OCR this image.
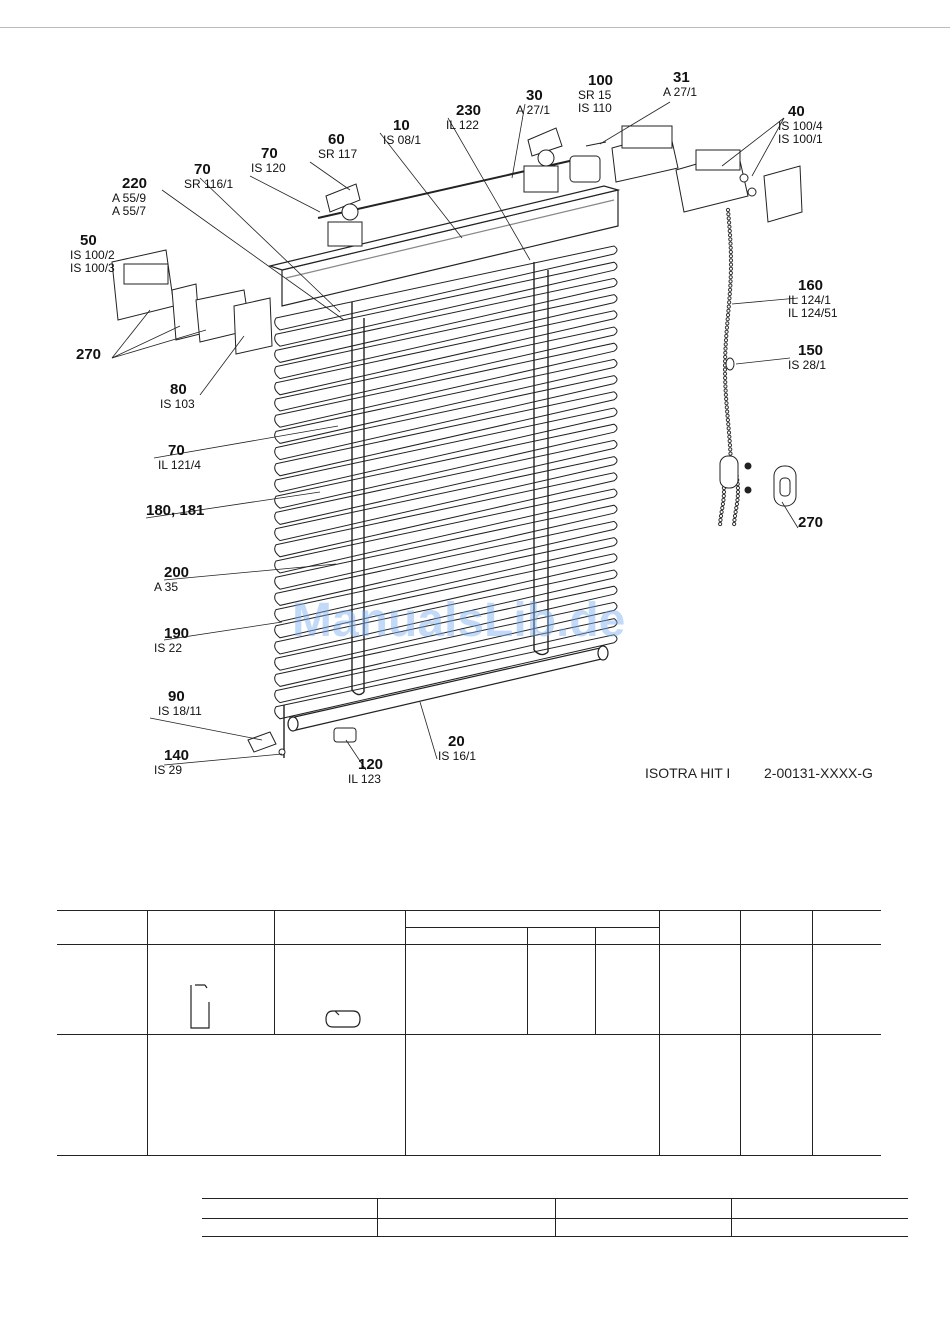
10
IS 08/1
20
IS 16/1
30
A 27/1
31
A 27/1
40
IS 100/4
IS 100/1
50
IS 100/2
IS 100/3
60
SR 117
70
IS 120
70
SR 116/1
70
IL 121/4
80
IS 103
90
IS 18/11
100
SR 15
IS 110
120
IL 123
140
IS 29
150
IS 28/1
160
IL 124/1
IL 124/51
180, 181
190
IS 22
200
A 35
220
A 55/9
A 55/7
230
IL 122
270
270
ISOTRA HIT I 2-00131-XXXX-G
ManualsLib.de
